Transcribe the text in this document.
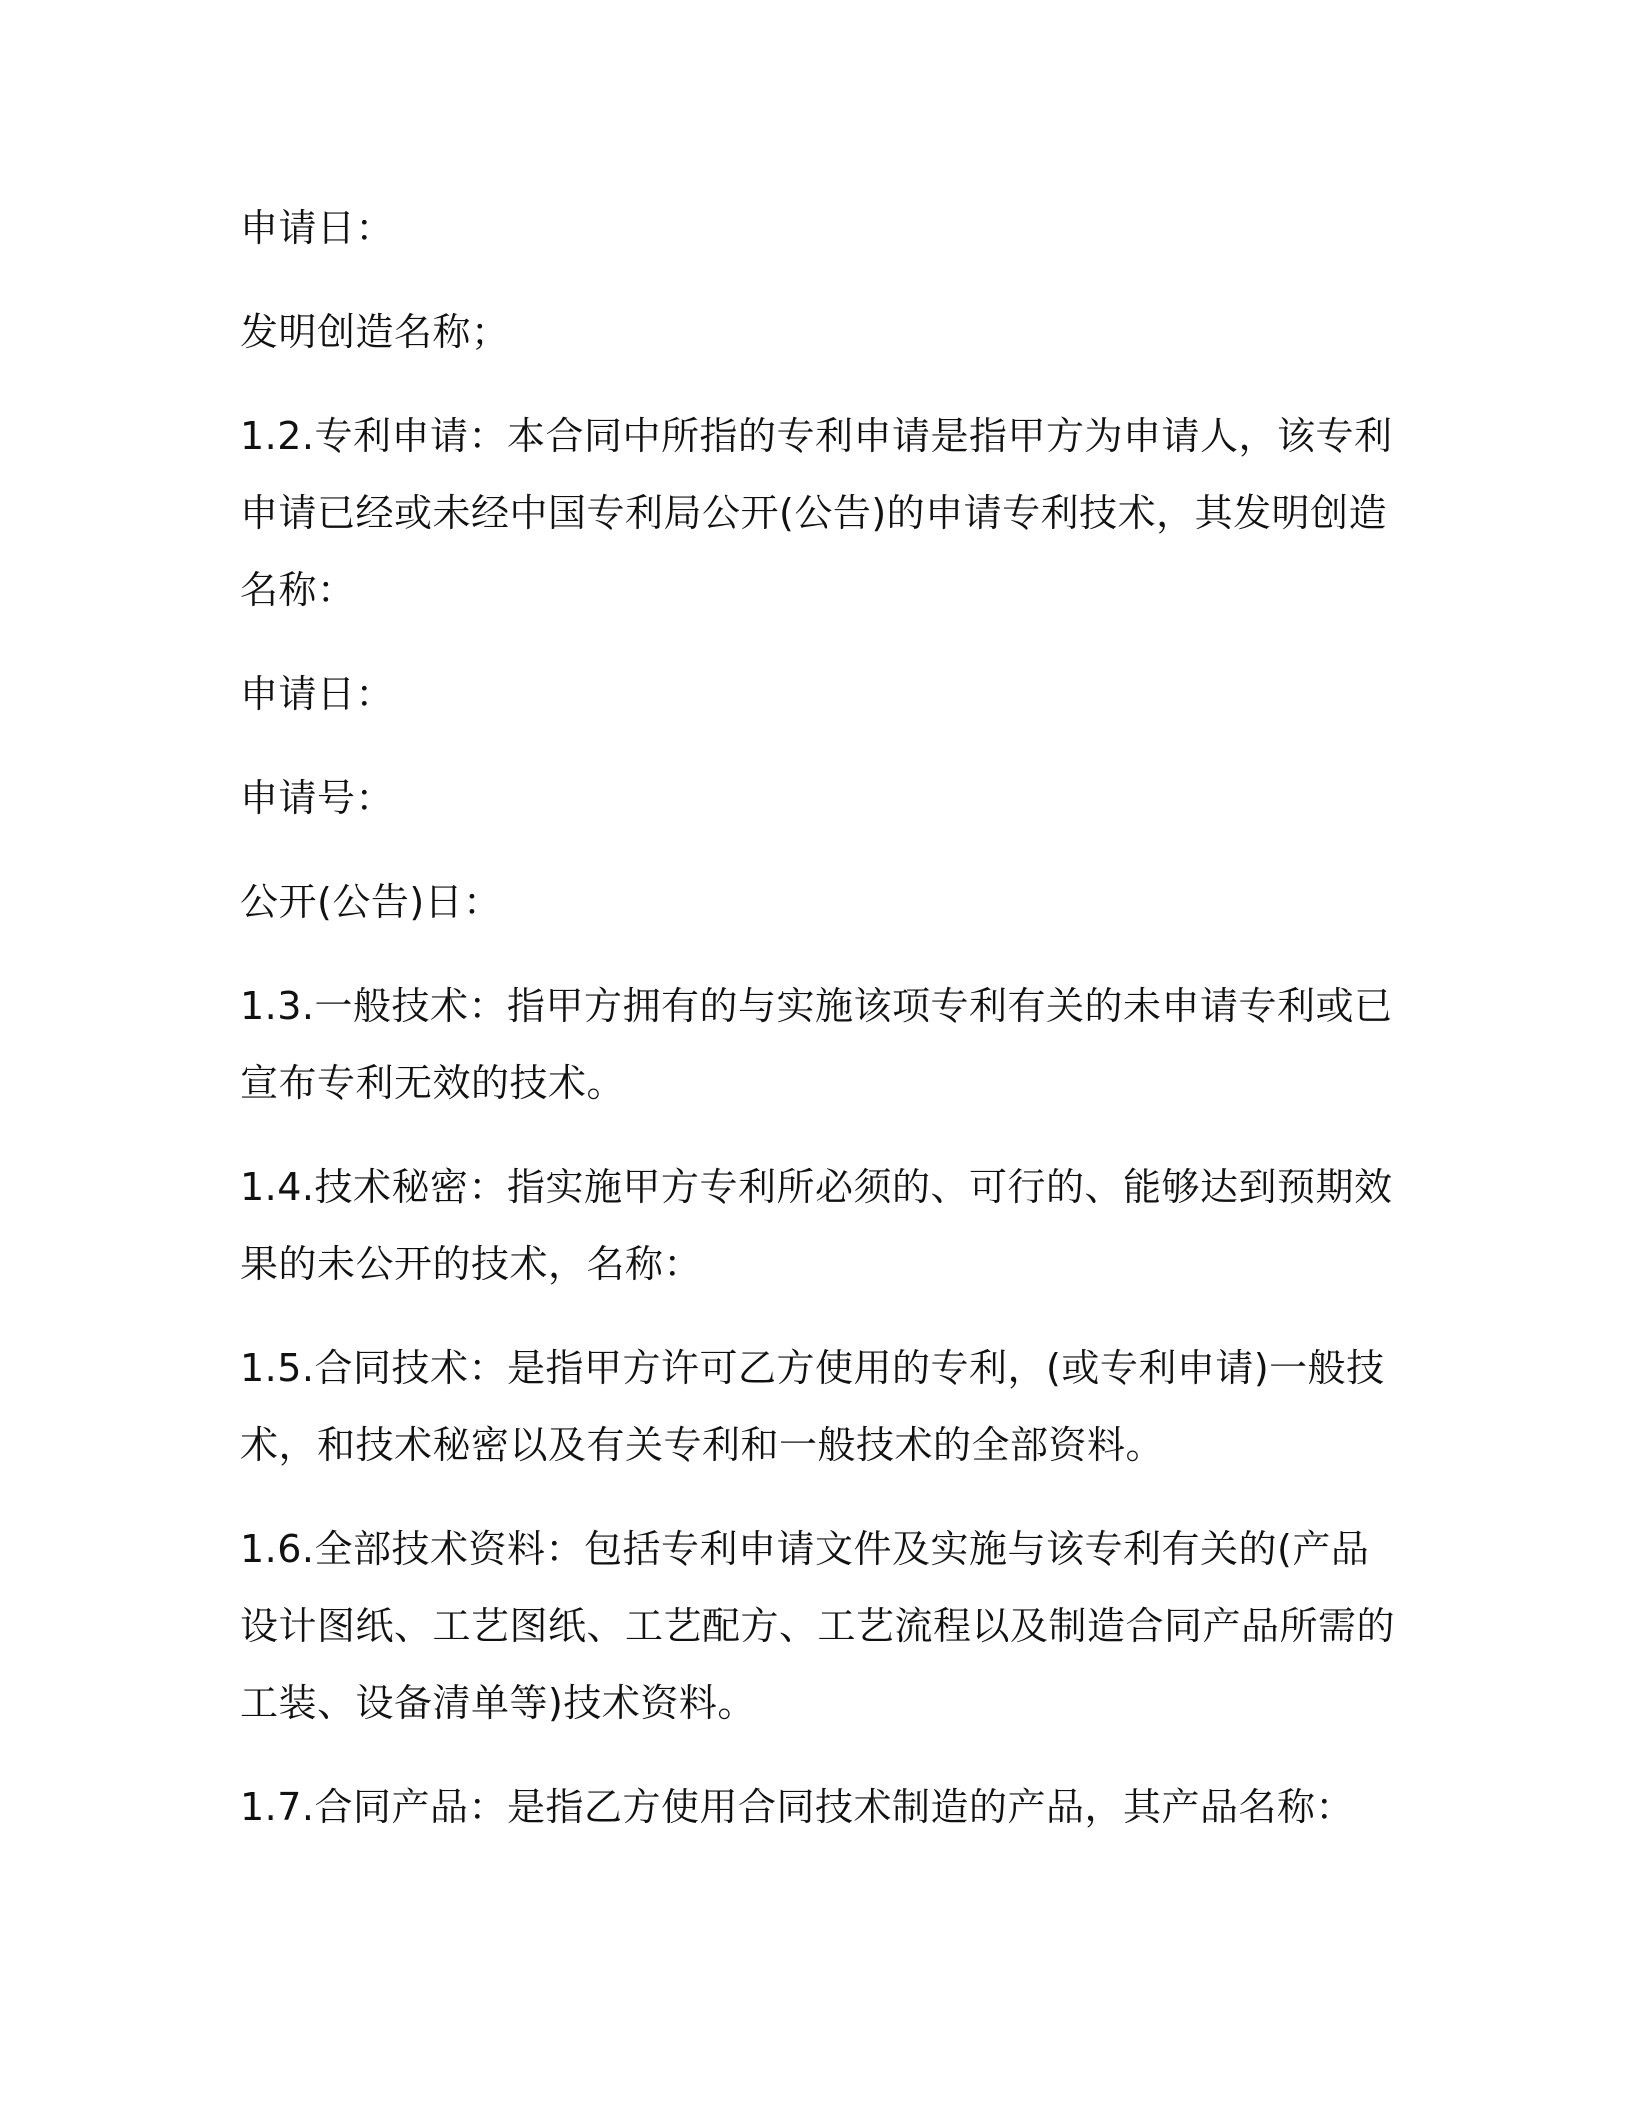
申请日：

发明创造名称；

1.2.专利申请：本合同中所指的专利申请是指甲方为申请人，该专利申请已经或未经中国专利局公开(公告)的申请专利技术，其发明创造名称：

申请日：

申请号：

公开(公告)日：

1.3.一般技术：指甲方拥有的与实施该项专利有关的未申请专利或已宣布专利无效的技术。

1.4.技术秘密：指实施甲方专利所必须的、可行的、能够达到预期效果的未公开的技术，名称：

1.5.合同技术：是指甲方许可乙方使用的专利，(或专利申请)一般技术，和技术秘密以及有关专利和一般技术的全部资料。

1.6.全部技术资料：包括专利申请文件及实施与该专利有关的(产品设计图纸、工艺图纸、工艺配方、工艺流程以及制造合同产品所需的工装、设备清单等)技术资料。

1.7.合同产品：是指乙方使用合同技术制造的产品，其产品名称：
